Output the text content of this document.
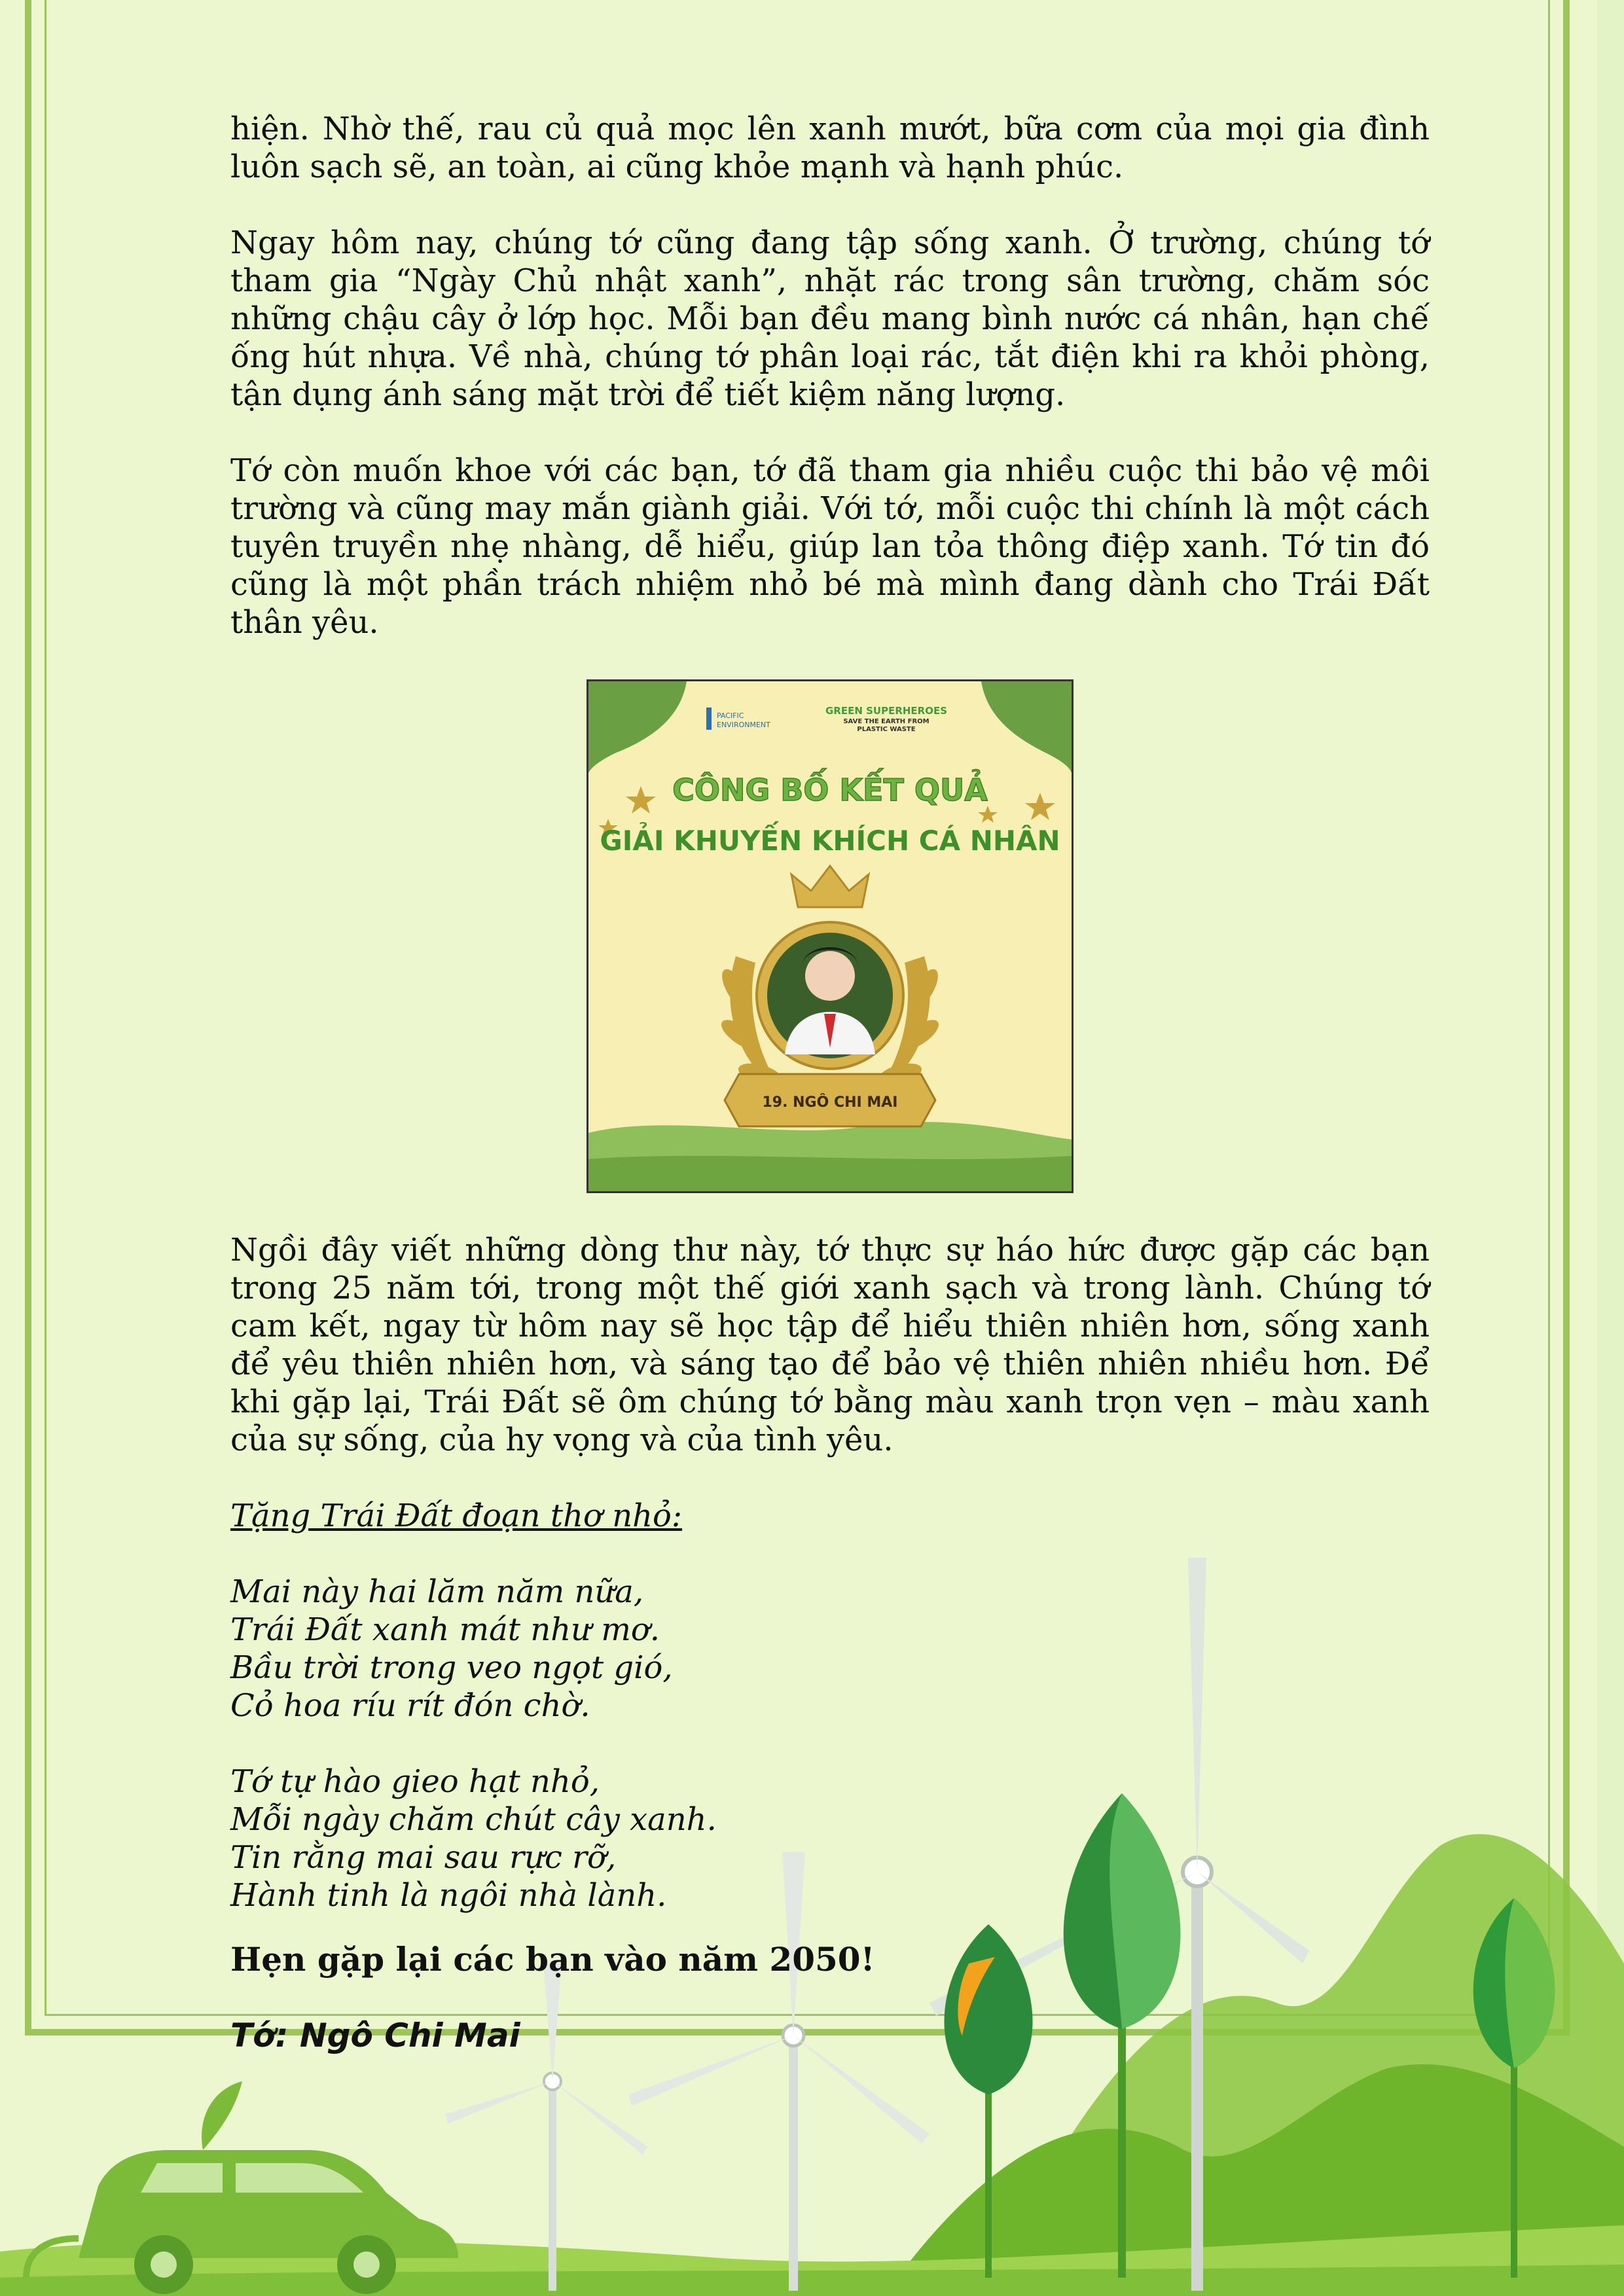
hiện. Nhờ thế, rau củ quả mọc lên xanh mướt, bữa cơm của mọi gia đình luôn sạch sẽ, an toàn, ai cũng khỏe mạnh và hạnh phúc.

Ngay hôm nay, chúng tớ cũng đang tập sống xanh. Ở trường, chúng tớ tham gia “Ngày Chủ nhật xanh”, nhặt rác trong sân trường, chăm sóc những chậu cây ở lớp học. Mỗi bạn đều mang bình nước cá nhân, hạn chế ống hút nhựa. Về nhà, chúng tớ phân loại rác, tắt điện khi ra khỏi phòng, tận dụng ánh sáng mặt trời để tiết kiệm năng lượng.

Tớ còn muốn khoe với các bạn, tớ đã tham gia nhiều cuộc thi bảo vệ môi trường và cũng may mắn giành giải. Với tớ, mỗi cuộc thi chính là một cách tuyên truyền nhẹ nhàng, dễ hiểu, giúp lan tỏa thông điệp xanh. Tớ tin đó cũng là một phần trách nhiệm nhỏ bé mà mình đang dành cho Trái Đất thân yêu.

PACIFIC
ENVIRONMENT
GREEN SUPERHEROES
SAVE THE EARTH FROM
PLASTIC WASTE
CÔNG BỐ KẾT QUẢ
GIẢI KHUYẾN KHÍCH CÁ NHÂN
19. NGÔ CHI MAI

Ngồi đây viết những dòng thư này, tớ thực sự háo hức được gặp các bạn trong 25 năm tới, trong một thế giới xanh sạch và trong lành. Chúng tớ cam kết, ngay từ hôm nay sẽ học tập để hiểu thiên nhiên hơn, sống xanh để yêu thiên nhiên hơn, và sáng tạo để bảo vệ thiên nhiên nhiều hơn. Để khi gặp lại, Trái Đất sẽ ôm chúng tớ bằng màu xanh trọn vẹn – màu xanh của sự sống, của hy vọng và của tình yêu.

Tặng Trái Đất đoạn thơ nhỏ:
Mai này hai lăm năm nữa,
Trái Đất xanh mát như mơ.
Bầu trời trong veo ngọt gió,
Cỏ hoa ríu rít đón chờ.
Tớ tự hào gieo hạt nhỏ,
Mỗi ngày chăm chút cây xanh.
Tin rằng mai sau rực rỡ,
Hành tinh là ngôi nhà lành.
Hẹn gặp lại các bạn vào năm 2050!
Tớ: Ngô Chi Mai
